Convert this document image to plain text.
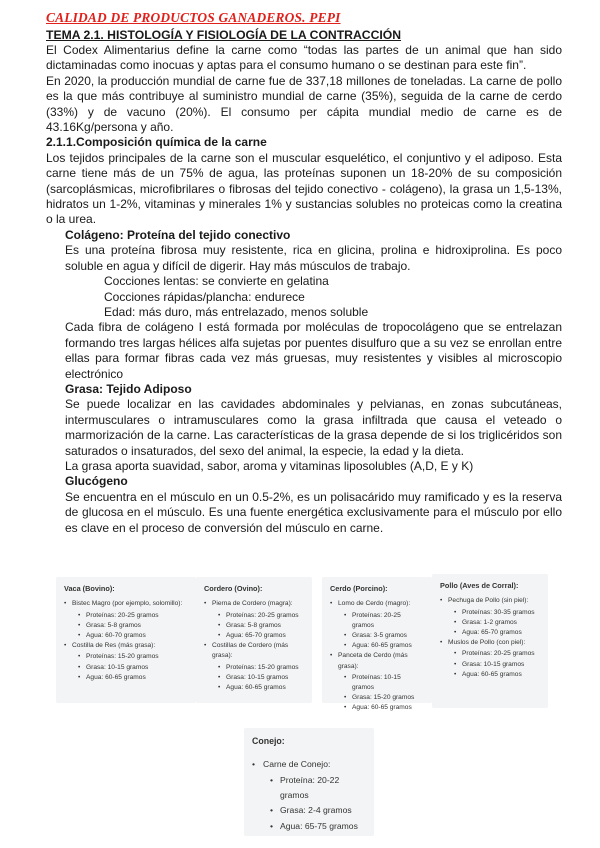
CALIDAD DE PRODUCTOS GANADEROS. PEPI
TEMA 2.1. HISTOLOGÍA Y FISIOLOGÍA DE LA CONTRACCIÓN

El Codex Alimentarius define la carne como “todas las partes de un animal que han sido dictaminadas como inocuas y aptas para el consumo humano o se destinan para este fin”.

En 2020, la producción mundial de carne fue de 337,18 millones de toneladas. La carne de pollo es la que más contribuye al suministro mundial de carne (35%), seguida de la carne de cerdo (33%) y de vacuno (20%). El consumo per cápita mundial medio de carne es de 43.16Kg/persona y año.

2.1.1.Composición química de la carne

Los tejidos principales de la carne son el muscular esquelético, el conjuntivo y el adiposo. Esta carne tiene más de un 75% de agua, las proteínas suponen un 18-20% de su composición (sarcoplásmicas, microfibrilares o fibrosas del tejido conectivo - colágeno), la grasa un 1,5-13%, hidratos un 1-2%, vitaminas y minerales 1% y sustancias solubles no proteicas como la creatina o la urea.

Colágeno: Proteína del tejido conectivo

Es una proteína fibrosa muy resistente, rica en glicina, prolina e hidroxiprolina. Es poco soluble en agua y difícil de digerir. Hay más músculos de trabajo.

Cocciones lentas: se convierte en gelatina

Cocciones rápidas/plancha: endurece

Edad: más duro, más entrelazado, menos soluble

Cada fibra de colágeno I está formada por moléculas de tropocolágeno que se entrelazan formando tres largas hélices alfa sujetas por puentes disulfuro que a su vez se enrollan entre ellas para formar fibras cada vez más gruesas, muy resistentes y visibles al microscopio electrónico

Grasa: Tejido Adiposo

Se puede localizar en las cavidades abdominales y pelvianas, en zonas subcutáneas, intermusculares o intramusculares como la grasa infiltrada que causa el veteado o marmorización de la carne. Las características de la grasa depende de si los triglicéridos son saturados o insaturados, del sexo del animal, la especie, la edad y la dieta.

La grasa aporta suavidad, sabor, aroma y vitaminas liposolubles (A,D, E y K)

Glucógeno

Se encuentra en el músculo en un 0.5-2%, es un polisacárido muy ramificado y es la reserva de glucosa en el músculo. Es una fuente energética exclusivamente para el músculo por ello es clave en el proceso de conversión del músculo en carne.

Vaca (Bovino):
• Bistec Magro (por ejemplo, solomillo):
• Proteínas: 20-25 gramos
• Grasa: 5-8 gramos
• Agua: 60-70 gramos
• Costilla de Res (más grasa):
• Proteínas: 15-20 gramos
• Grasa: 10-15 gramos
• Agua: 60-65 gramos
Cordero (Ovino):
• Pierna de Cordero (magra):
• Proteínas: 20-25 gramos
• Grasa: 5-8 gramos
• Agua: 65-70 gramos
• Costillas de Cordero (más grasa):
• Proteínas: 15-20 gramos
• Grasa: 10-15 gramos
• Agua: 60-65 gramos
Cerdo (Porcino):
• Lomo de Cerdo (magro):
• Proteínas: 20-25 gramos
• Grasa: 3-5 gramos
• Agua: 60-65 gramos
• Panceta de Cerdo (más grasa):
• Proteínas: 10-15 gramos
• Grasa: 15-20 gramos
• Agua: 60-65 gramos
Pollo (Aves de Corral):
• Pechuga de Pollo (sin piel):
• Proteínas: 30-35 gramos
• Grasa: 1-2 gramos
• Agua: 65-70 gramos
• Muslos de Pollo (con piel):
• Proteínas: 20-25 gramos
• Grasa: 10-15 gramos
• Agua: 60-65 gramos
Conejo:
• Carne de Conejo:
• Proteína: 20-22 gramos
• Grasa: 2-4 gramos
• Agua: 65-75 gramos
